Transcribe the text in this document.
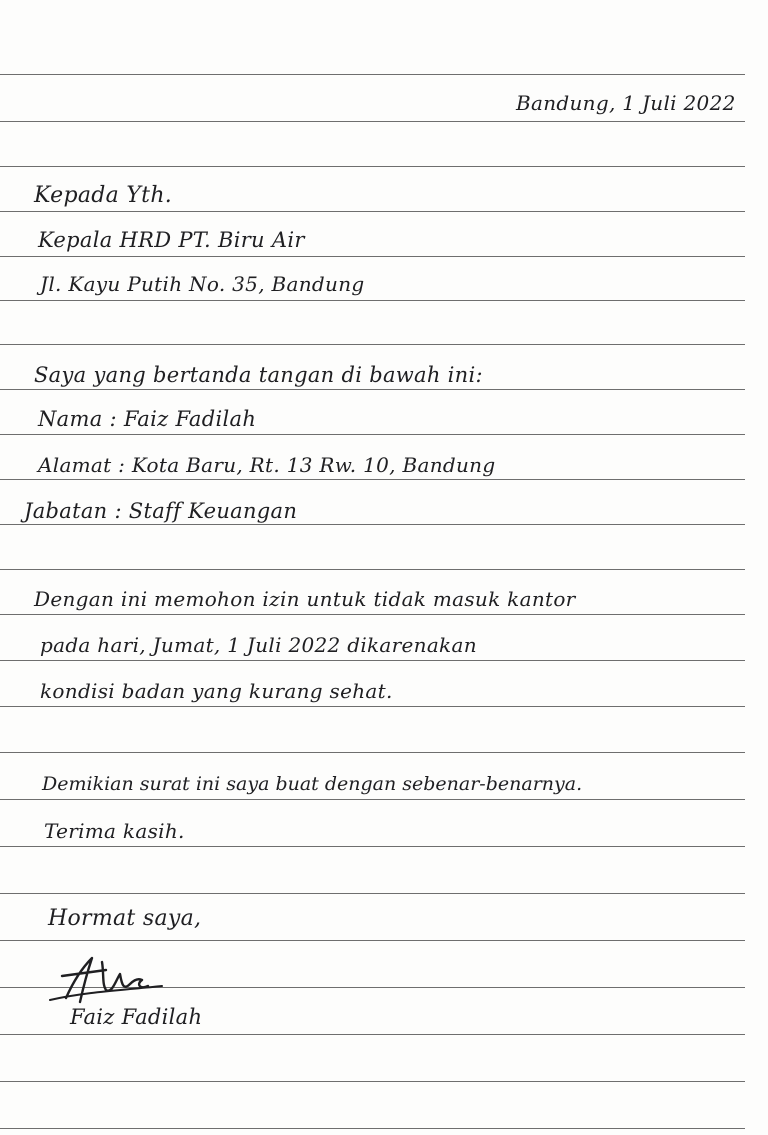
Bandung, 1 Juli 2022
Kepada Yth.
Kepala HRD PT. Biru Air
Jl. Kayu Putih No. 35, Bandung
Saya yang bertanda tangan di bawah ini:
Nama : Faiz Fadilah
Alamat : Kota Baru, Rt. 13 Rw. 10, Bandung
Jabatan : Staff Keuangan
Dengan ini memohon izin untuk tidak masuk kantor
pada hari, Jumat, 1 Juli 2022 dikarenakan
kondisi badan yang kurang sehat.
Demikian surat ini saya buat dengan sebenar-benarnya.
Terima kasih.
Hormat saya,
Faiz Fadilah
